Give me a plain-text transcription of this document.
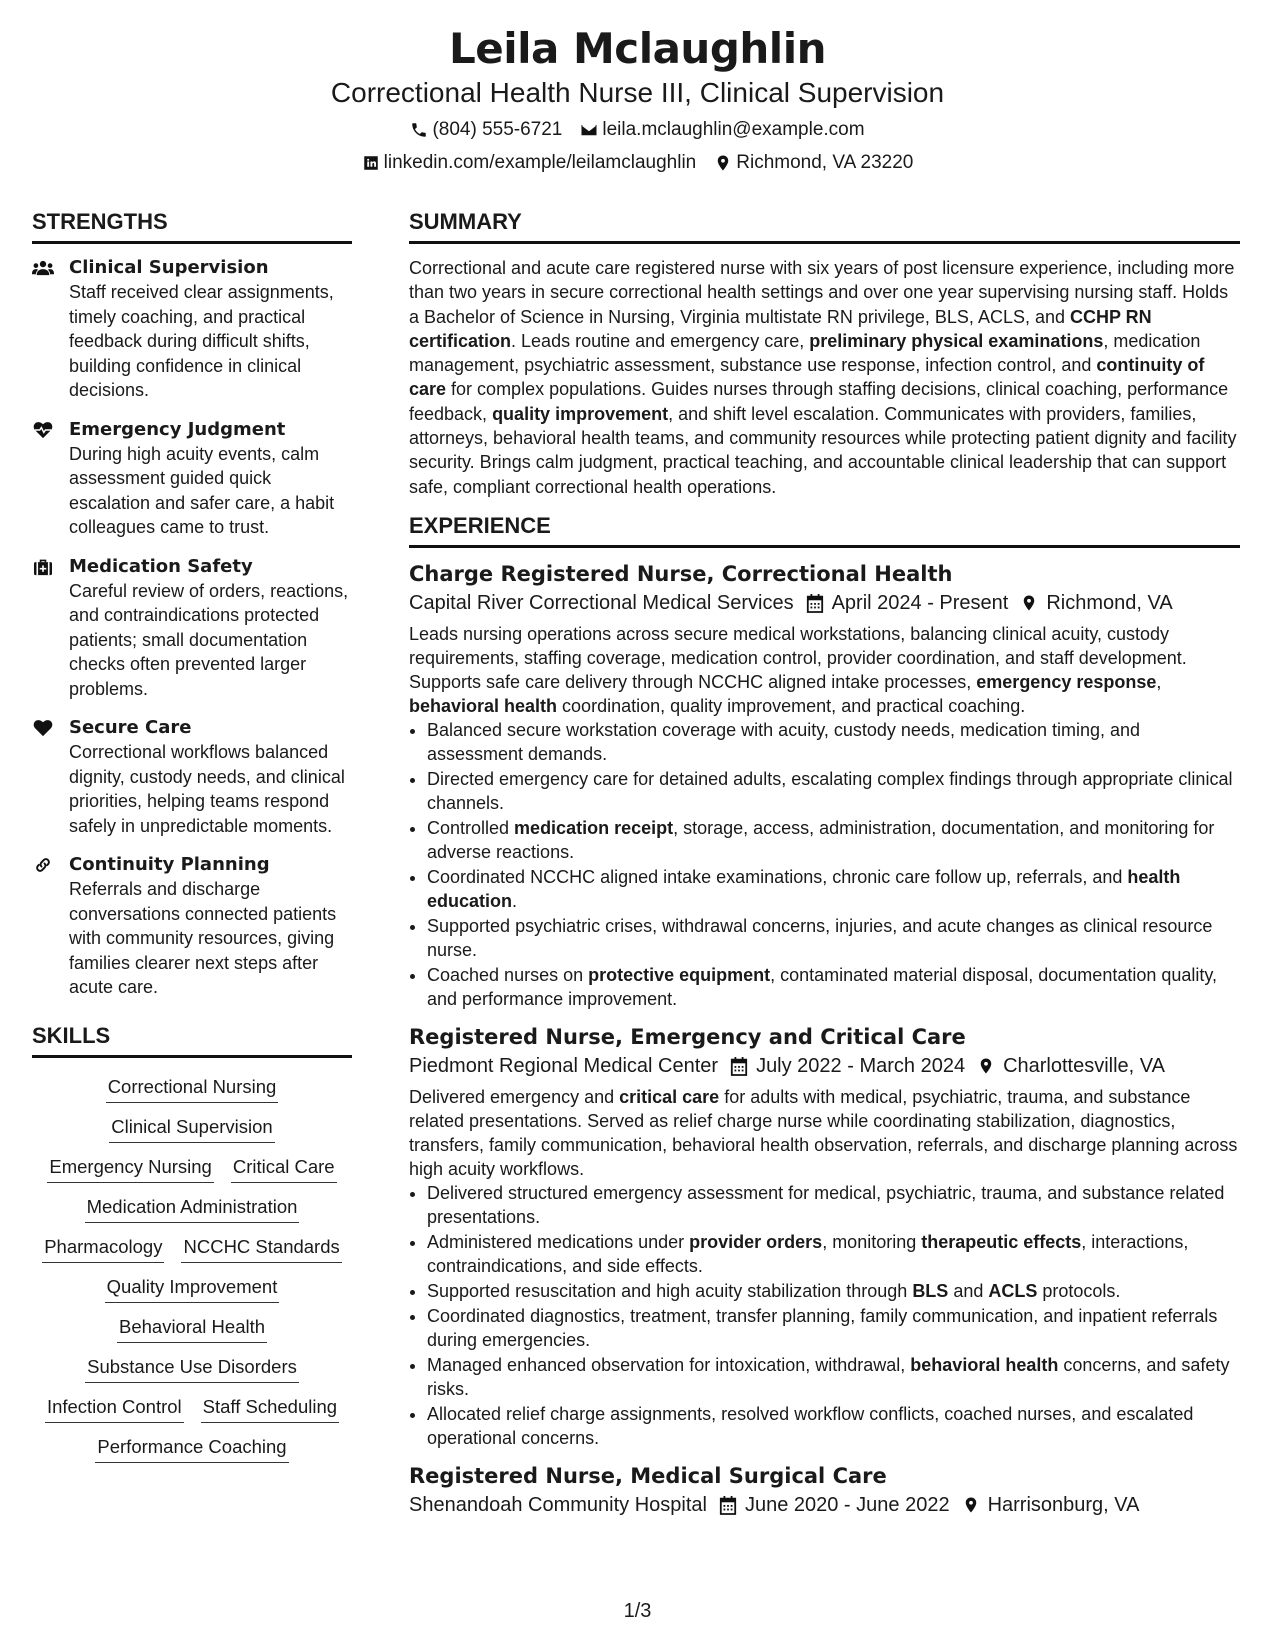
Leila Mclaughlin
Correctional Health Nurse III, Clinical Supervision
(804) 555-6721 leila.mclaughlin@example.com
linkedin.com/example/leilamclaughlin Richmond, VA 23220
STRENGTHS
Clinical Supervision
Staff received clear assignments, timely coaching, and practical feedback during difficult shifts, building confidence in clinical decisions.
Emergency Judgment
During high acuity events, calm assessment guided quick escalation and safer care, a habit colleagues came to trust.
Medication Safety
Careful review of orders, reactions, and contraindications protected patients; small documentation checks often prevented larger problems.
Secure Care
Correctional workflows balanced dignity, custody needs, and clinical priorities, helping teams respond safely in unpredictable moments.
Continuity Planning
Referrals and discharge conversations connected patients with community resources, giving families clearer next steps after acute care.
SKILLS
Correctional Nursing
Clinical Supervision
Emergency Nursing Critical Care
Medication Administration
Pharmacology NCCHC Standards
Quality Improvement
Behavioral Health
Substance Use Disorders
Infection Control Staff Scheduling
Performance Coaching
SUMMARY

Correctional and acute care registered nurse with six years of post licensure experience, including more than two years in secure correctional health settings and over one year supervising nursing staff. Holds a Bachelor of Science in Nursing, Virginia multistate RN privilege, BLS, ACLS, and CCHP RN certification. Leads routine and emergency care, preliminary physical examinations, medication management, psychiatric assessment, substance use response, infection control, and continuity of care for complex populations. Guides nurses through staffing decisions, clinical coaching, performance feedback, quality improvement, and shift level escalation. Communicates with providers, families, attorneys, behavioral health teams, and community resources while protecting patient dignity and facility security. Brings calm judgment, practical teaching, and accountable clinical leadership that can support safe, compliant correctional health operations.

EXPERIENCE
Charge Registered Nurse, Correctional Health
Capital River Correctional Medical Services April 2024 - Present Richmond, VA

Leads nursing operations across secure medical workstations, balancing clinical acuity, custody requirements, staffing coverage, medication control, provider coordination, and staff development. Supports safe care delivery through NCCHC aligned intake processes, emergency response, behavioral health coordination, quality improvement, and practical coaching.

• Balanced secure workstation coverage with acuity, custody needs, medication timing, and assessment demands.
• Directed emergency care for detained adults, escalating complex findings through appropriate clinical channels.
• Controlled medication receipt, storage, access, administration, documentation, and monitoring for adverse reactions.
• Coordinated NCCHC aligned intake examinations, chronic care follow up, referrals, and health education.
• Supported psychiatric crises, withdrawal concerns, injuries, and acute changes as clinical resource nurse.
• Coached nurses on protective equipment, contaminated material disposal, documentation quality, and performance improvement.
Registered Nurse, Emergency and Critical Care
Piedmont Regional Medical Center July 2022 - March 2024 Charlottesville, VA

Delivered emergency and critical care for adults with medical, psychiatric, trauma, and substance related presentations. Served as relief charge nurse while coordinating stabilization, diagnostics, transfers, family communication, behavioral health observation, referrals, and discharge planning across high acuity workflows.

• Delivered structured emergency assessment for medical, psychiatric, trauma, and substance related presentations.
• Administered medications under provider orders, monitoring therapeutic effects, interactions, contraindications, and side effects.
• Supported resuscitation and high acuity stabilization through BLS and ACLS protocols.
• Coordinated diagnostics, treatment, transfer planning, family communication, and inpatient referrals during emergencies.
• Managed enhanced observation for intoxication, withdrawal, behavioral health concerns, and safety risks.
• Allocated relief charge assignments, resolved workflow conflicts, coached nurses, and escalated operational concerns.
Registered Nurse, Medical Surgical Care
Shenandoah Community Hospital June 2020 - June 2022 Harrisonburg, VA
1/3
